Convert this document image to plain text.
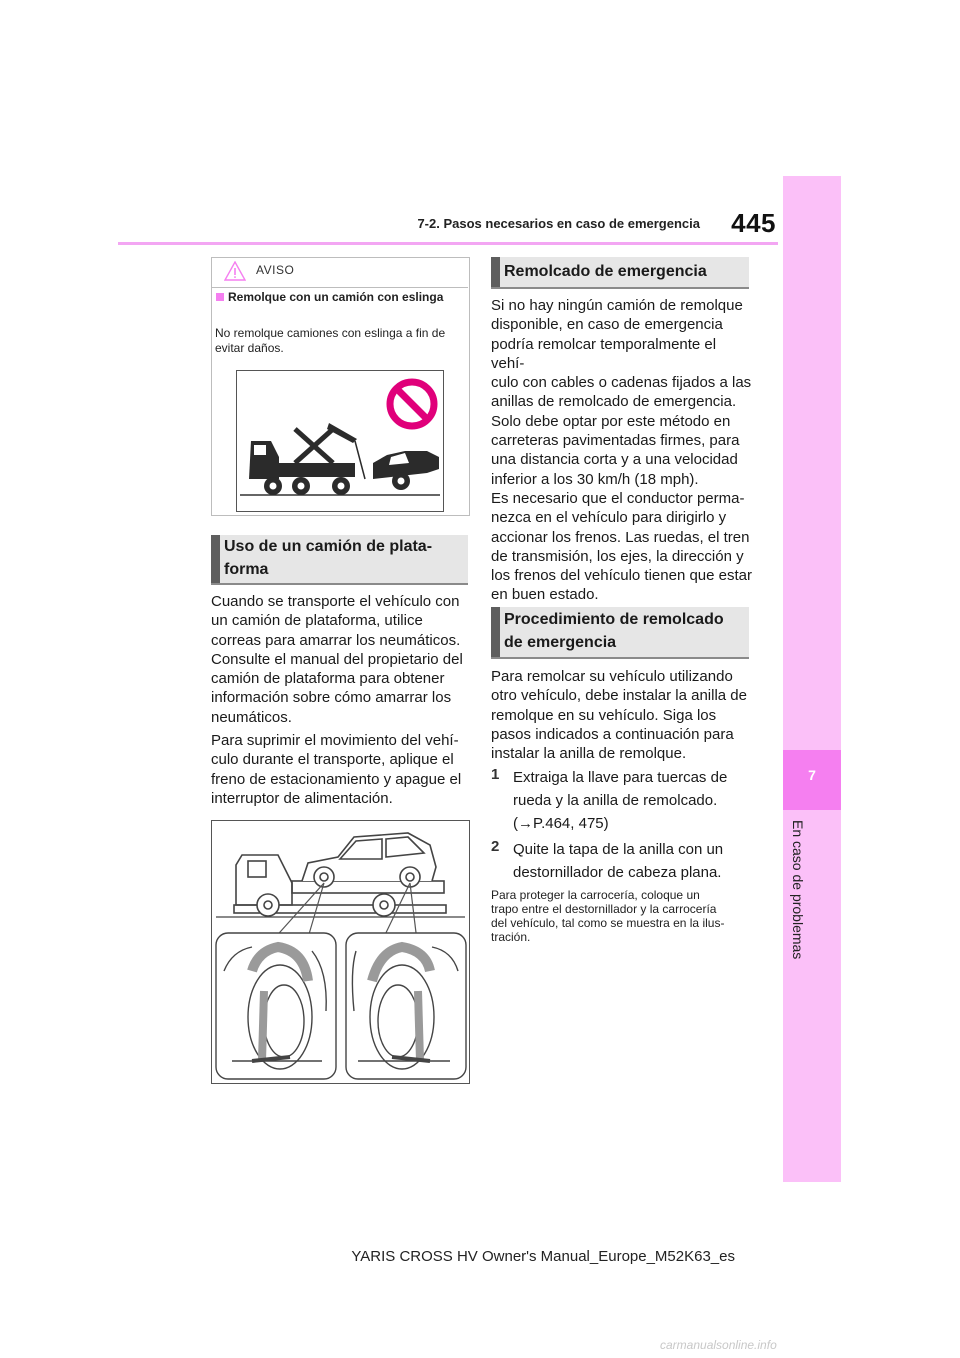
7-2. Pasos necesarios en caso de emergencia	445
7
En caso de problemas
AVISO
Remolque con un camión con eslinga
No remolque camiones con eslinga a fin de evitar daños.
Uso de un camión de plata-
forma
Cuando se transporte el vehículo con
un camión de plataforma, utilice
correas para amarrar los neumáticos.
Consulte el manual del propietario del
camión de plataforma para obtener
información sobre cómo amarrar los
neumáticos.
Para suprimir el movimiento del vehí-
culo durante el transporte, aplique el
freno de estacionamiento y apague el
interruptor de alimentación.
Remolcado de emergencia
Si no hay ningún camión de remolque
disponible, en caso de emergencia
podría remolcar temporalmente el vehí-
culo con cables o cadenas fijados a las
anillas de remolcado de emergencia.
Solo debe optar por este método en
carreteras pavimentadas firmes, para
una distancia corta y a una velocidad
inferior a los 30 km/h (18 mph).
Es necesario que el conductor perma-
nezca en el vehículo para dirigirlo y
accionar los frenos. Las ruedas, el tren
de transmisión, los ejes, la dirección y
los frenos del vehículo tienen que estar
en buen estado.
Procedimiento de remolcado
de emergencia
Para remolcar su vehículo utilizando
otro vehículo, debe instalar la anilla de
remolque en su vehículo. Siga los
pasos indicados a continuación para
instalar la anilla de remolque.
1 Extraiga la llave para tuercas de
rueda y la anilla de remolcado.
(→P.464, 475)
2 Quite la tapa de la anilla con un
destornillador de cabeza plana.
Para proteger la carrocería, coloque un
trapo entre el destornillador y la carrocería
del vehículo, tal como se muestra en la ilus-
tración.
YARIS CROSS HV Owner's Manual_Europe_M52K63_es
carmanualsonline.info
